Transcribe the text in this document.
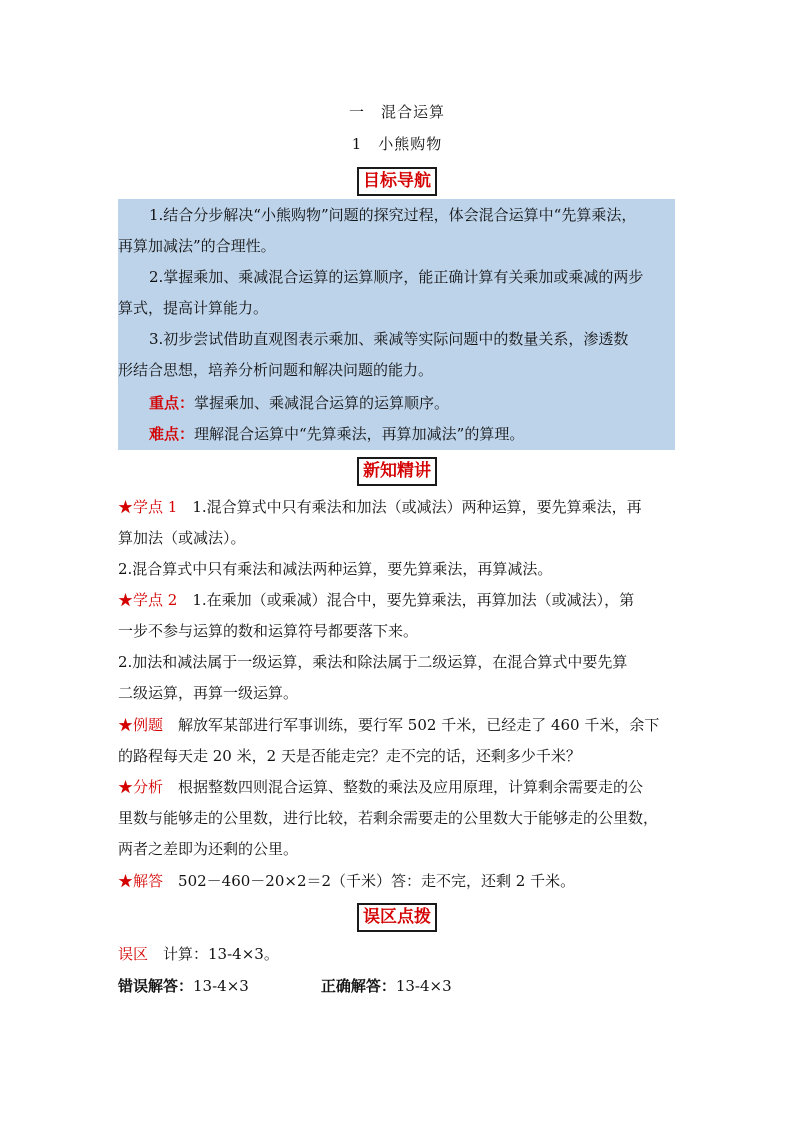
一　混合运算
1　小熊购物
目标导航
1.结合分步解决“小熊购物”问题的探究过程，体会混合运算中“先算乘法，
再算加减法”的合理性。
2.掌握乘加、乘减混合运算的运算顺序，能正确计算有关乘加或乘减的两步
算式，提高计算能力。
3.初步尝试借助直观图表示乘加、乘减等实际问题中的数量关系，渗透数
形结合思想，培养分析问题和解决问题的能力。
重点：掌握乘加、乘减混合运算的运算顺序。
难点：理解混合运算中“先算乘法，再算加减法”的算理。
新知精讲
★学点 1　1.混合算式中只有乘法和加法（或减法）两种运算，要先算乘法，再
算加法（或减法）。
2.混合算式中只有乘法和减法两种运算，要先算乘法，再算减法。
★学点 2　1.在乘加（或乘减）混合中，要先算乘法，再算加法（或减法），第
一步不参与运算的数和运算符号都要落下来。
2.加法和减法属于一级运算，乘法和除法属于二级运算，在混合算式中要先算
二级运算，再算一级运算。
★例题　解放军某部进行军事训练，要行军 502 千米，已经走了 460 千米，余下
的路程每天走 20 米，2 天是否能走完？走不完的话，还剩多少千米？
★分析　根据整数四则混合运算、整数的乘法及应用原理，计算剩余需要走的公
里数与能够走的公里数，进行比较，若剩余需要走的公里数大于能够走的公里数，
两者之差即为还剩的公里。
★解答　502－460－20×2＝2（千米）答：走不完，还剩 2 千米。
误区点拨
误区　计算：13-4×3。
错误解答：13-4×3	正确解答：13-4×3
